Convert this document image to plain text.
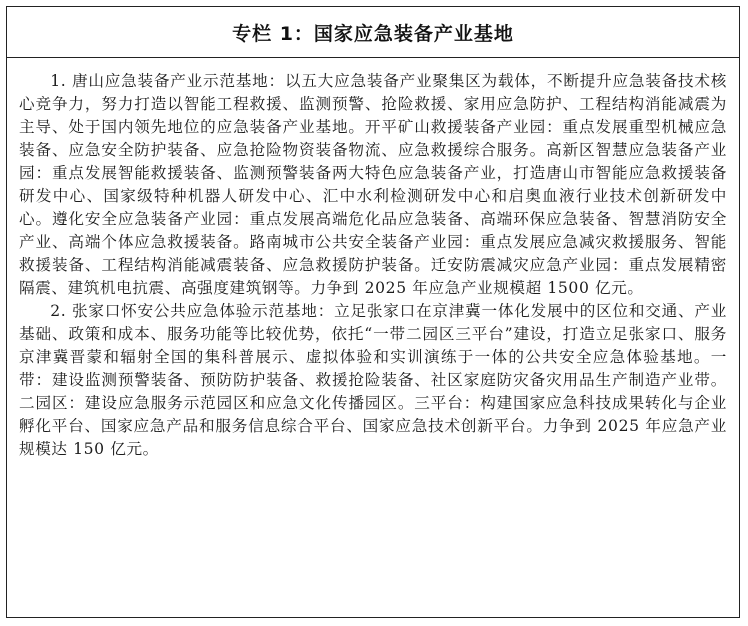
专栏 1：国家应急装备产业基地

1. 唐山应急装备产业示范基地：以五大应急装备产业聚集区为载体，不断提升应急装备技术核心竞争力，努力打造以智能工程救援、监测预警、抢险救援、家用应急防护、工程结构消能减震为主导、处于国内领先地位的应急装备产业基地。开平矿山救援装备产业园：重点发展重型机械应急装备、应急安全防护装备、应急抢险物资装备物流、应急救援综合服务。高新区智慧应急装备产业园：重点发展智能救援装备、监测预警装备两大特色应急装备产业，打造唐山市智能应急救援装备研发中心、国家级特种机器人研发中心、汇中水利检测研发中心和启奥血液行业技术创新研发中心。遵化安全应急装备产业园：重点发展高端危化品应急装备、高端环保应急装备、智慧消防安全产业、高端个体应急救援装备。路南城市公共安全装备产业园：重点发展应急减灾救援服务、智能救援装备、工程结构消能减震装备、应急救援防护装备。迁安防震减灾应急产业园：重点发展精密隔震、建筑机电抗震、高强度建筑钢等。力争到 2025 年应急产业规模超 1500 亿元。

2. 张家口怀安公共应急体验示范基地：立足张家口在京津冀一体化发展中的区位和交通、产业基础、政策和成本、服务功能等比较优势，依托“一带二园区三平台”建设，打造立足张家口、服务京津冀晋蒙和辐射全国的集科普展示、虚拟体验和实训演练于一体的公共安全应急体验基地。一带：建设监测预警装备、预防防护装备、救援抢险装备、社区家庭防灾备灾用品生产制造产业带。二园区：建设应急服务示范园区和应急文化传播园区。三平台：构建国家应急科技成果转化与企业孵化平台、国家应急产品和服务信息综合平台、国家应急技术创新平台。力争到 2025 年应急产业规模达 150 亿元。
